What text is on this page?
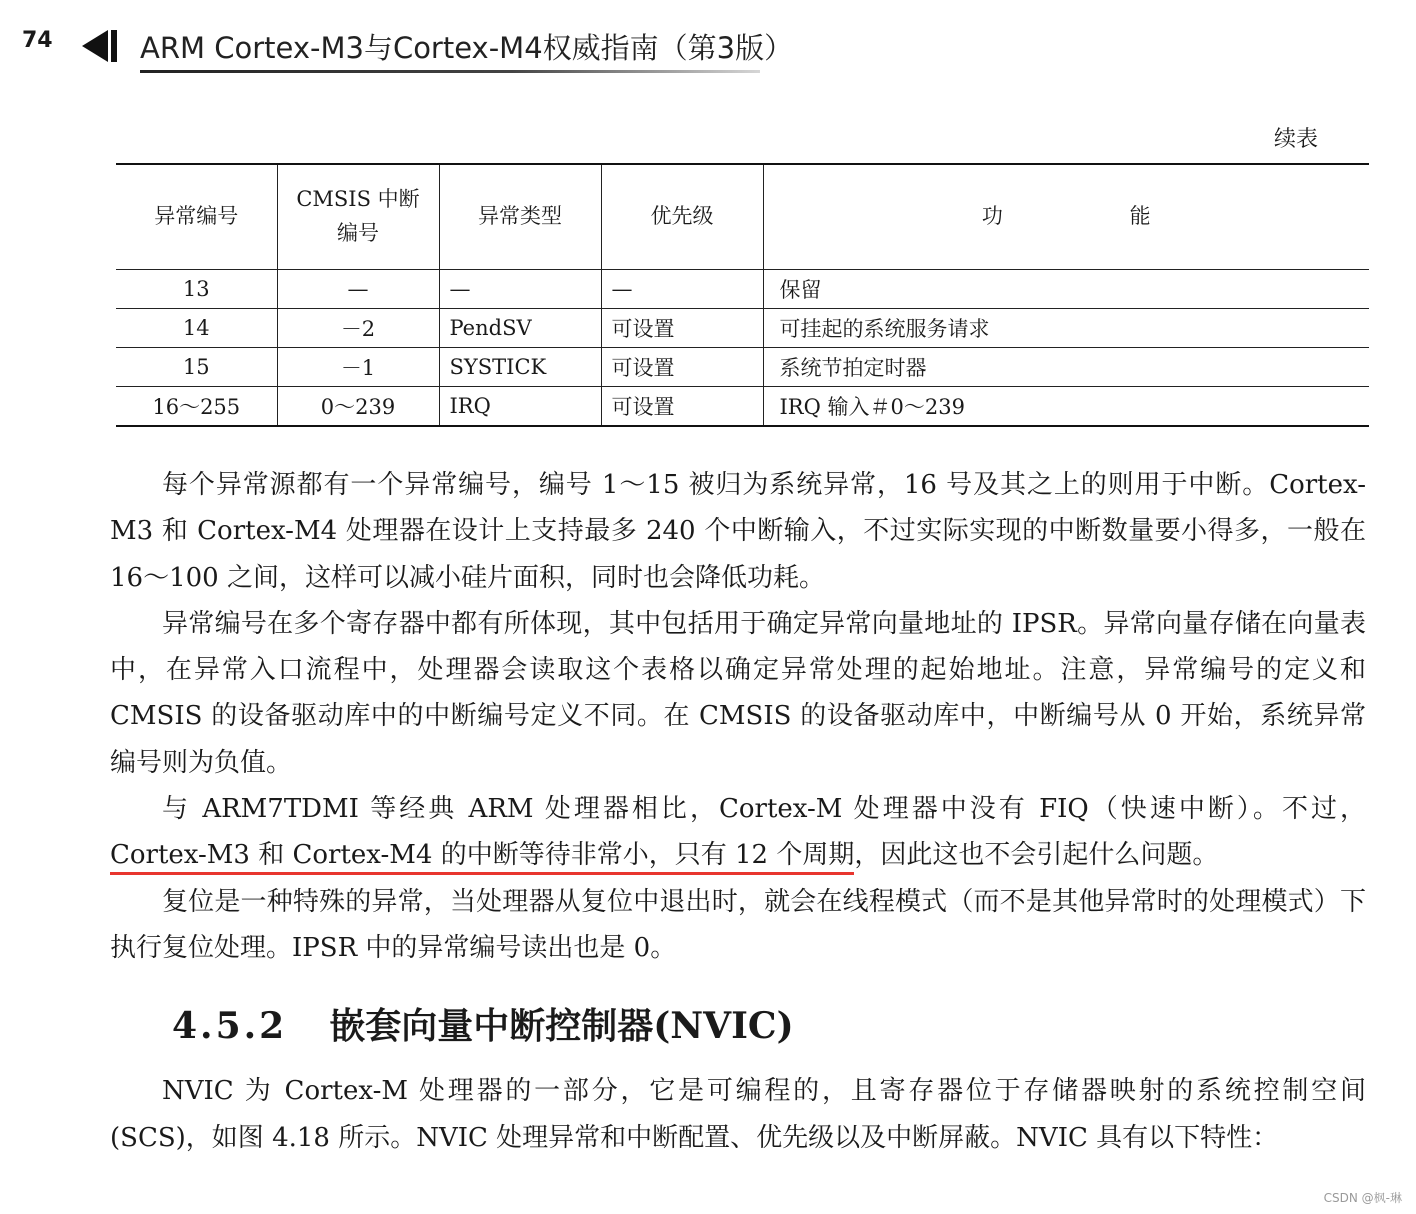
74	ARM Cortex-M3与Cortex-M4权威指南（第3版）
续表
异常编号	CMSIS 中断编号	异常类型	优先级	功 能
13	—	—	—	保留
14	－2	PendSV	可设置	可挂起的系统服务请求
15	－1	SYSTICK	可设置	系统节拍定时器
16～255	0～239	IRQ	可设置	IRQ 输入＃0～239

每个异常源都有一个异常编号，编号 1～15 被归为系统异常，16 号及其之上的则用于中断。Cortex-M3 和 Cortex-M4 处理器在设计上支持最多 240 个中断输入，不过实际实现的中断数量要小得多，一般在 16～100 之间，这样可以减小硅片面积，同时也会降低功耗。

异常编号在多个寄存器中都有所体现，其中包括用于确定异常向量地址的 IPSR。异常向量存储在向量表中，在异常入口流程中，处理器会读取这个表格以确定异常处理的起始地址。注意，异常编号的定义和 CMSIS 的设备驱动库中的中断编号定义不同。在 CMSIS 的设备驱动库中，中断编号从 0 开始，系统异常编号则为负值。

与 ARM7TDMI 等经典 ARM 处理器相比，Cortex-M 处理器中没有 FIQ（快速中断）。不过，Cortex-M3 和 Cortex-M4 的中断等待非常小，只有 12 个周期，因此这也不会引起什么问题。

复位是一种特殊的异常，当处理器从复位中退出时，就会在线程模式（而不是其他异常时的处理模式）下执行复位处理。IPSR 中的异常编号读出也是 0。

4.5.2 嵌套向量中断控制器(NVIC)

NVIC 为 Cortex-M 处理器的一部分，它是可编程的，且寄存器位于存储器映射的系统控制空间(SCS)，如图 4.18 所示。NVIC 处理异常和中断配置、优先级以及中断屏蔽。NVIC 具有以下特性：

CSDN @枫-琳
